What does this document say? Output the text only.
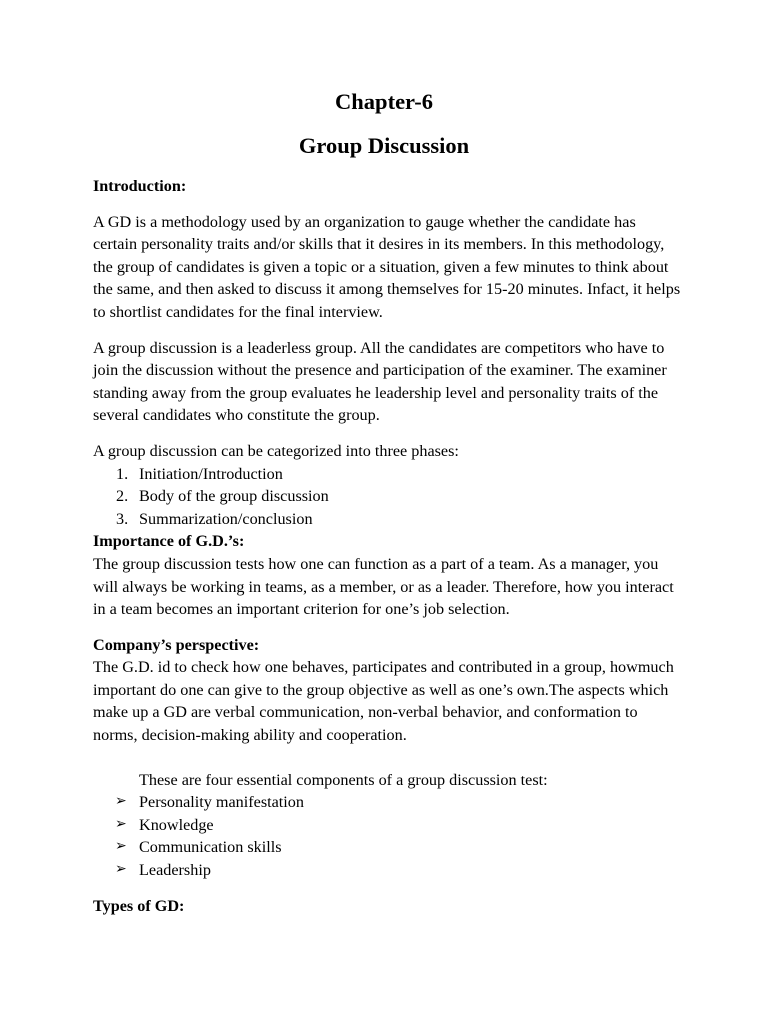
Chapter-6
Group Discussion

Introduction:

A GD is a methodology used by an organization to gauge whether the candidate has certain personality traits and/or skills that it desires in its members. In this methodology, the group of candidates is given a topic or a situation, given a few minutes to think about the same, and then asked to discuss it among themselves for 15-20 minutes. Infact, it helps to shortlist candidates for the final interview.

A group discussion is a leaderless group. All the candidates are competitors who have to join the discussion without the presence and participation of the examiner. The examiner standing away from the group evaluates he leadership level and personality traits of the several candidates who constitute the group.

A group discussion can be categorized into three phases:

1. Initiation/Introduction
2. Body of the group discussion
3. Summarization/conclusion

Importance of G.D.’s:

The group discussion tests how one can function as a part of a team. As a manager, you will always be working in teams, as a member, or as a leader. Therefore, how you interact in a team becomes an important criterion for one’s job selection.

Company’s perspective:

The G.D. id to check how one behaves, participates and contributed in a group, howmuch important do one can give to the group objective as well as one’s own.The aspects which make up a GD are verbal communication, non-verbal behavior, and conformation to norms, decision-making ability and cooperation.

These are four essential components of a group discussion test:

➢ Personality manifestation
➢ Knowledge
➢ Communication skills
➢ Leadership

Types of GD:
